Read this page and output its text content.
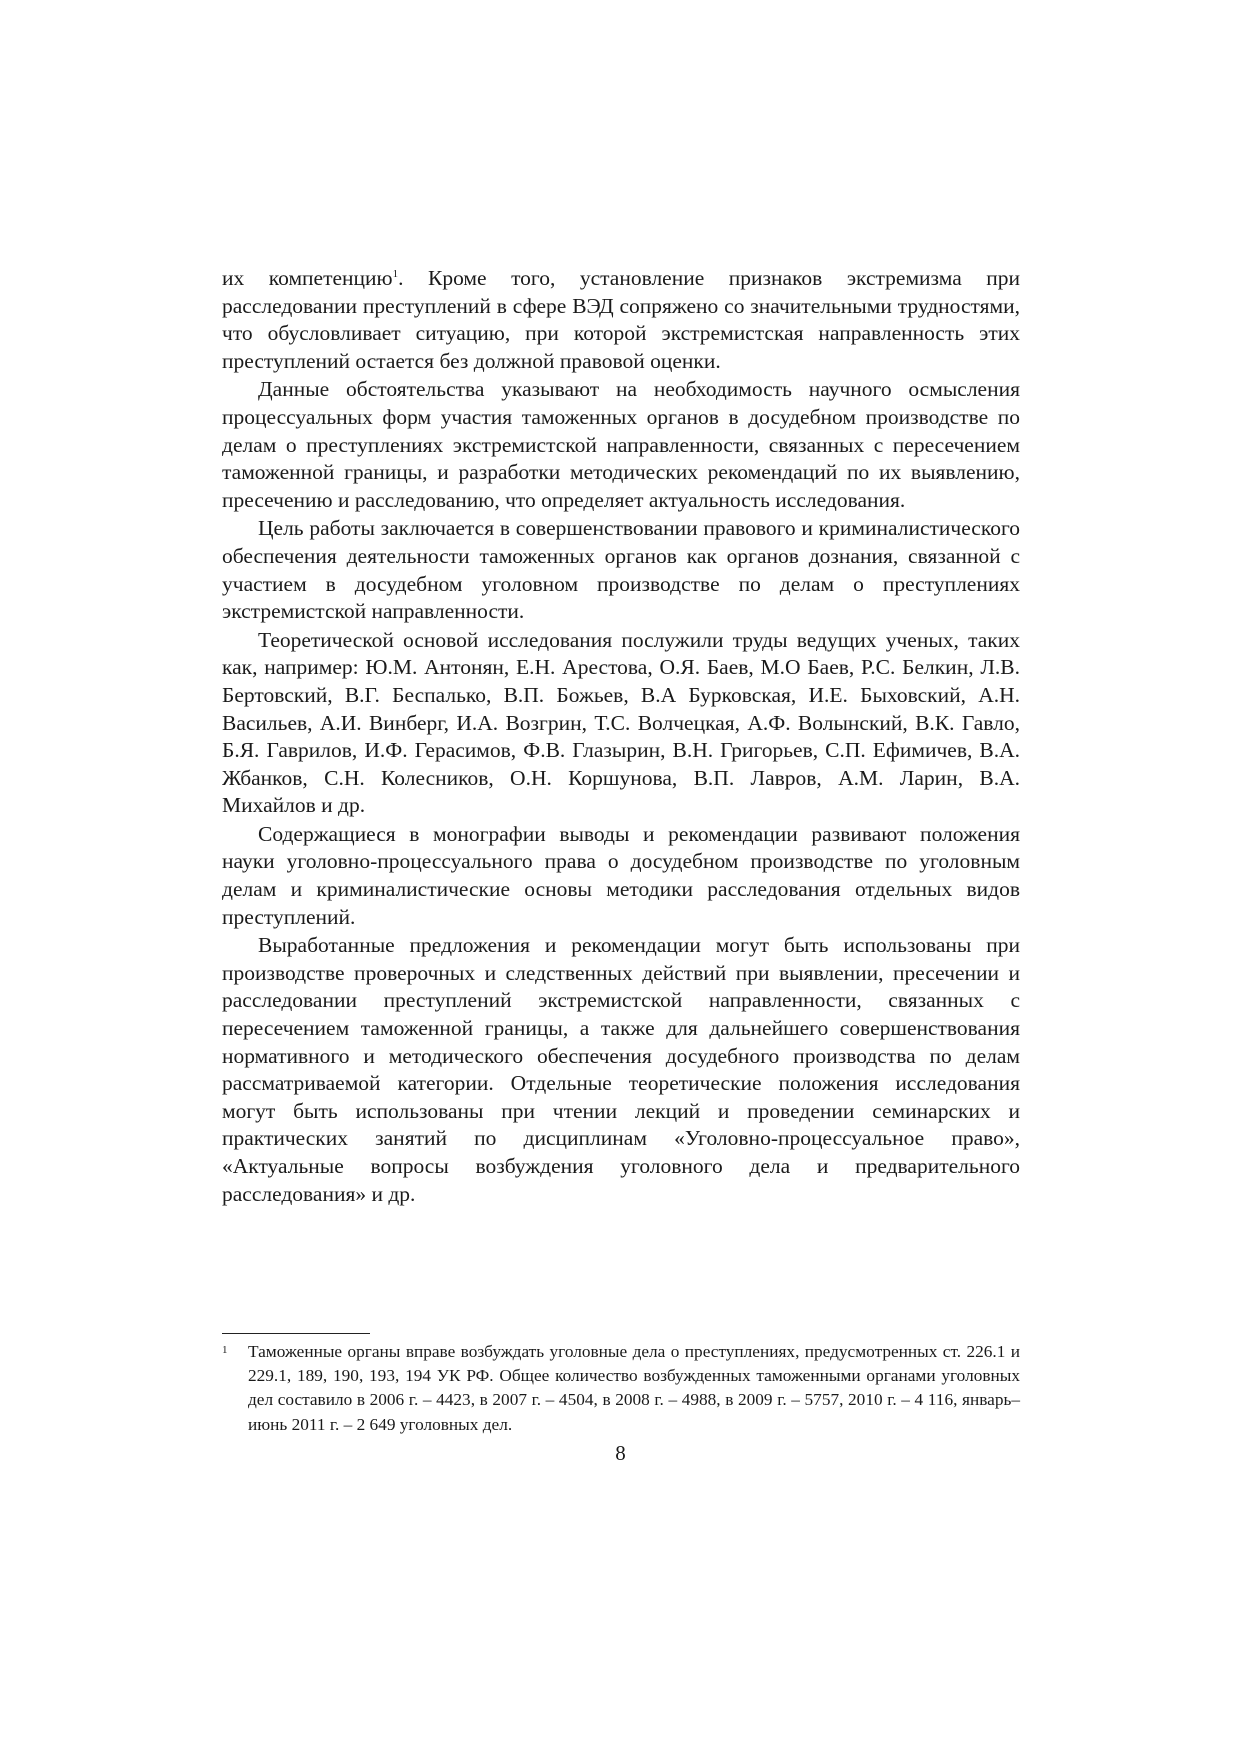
их компетенцию$^1$. Кроме того, установление признаков экстремизма при расследовании преступлений в сфере ВЭД сопряжено со значительными трудностями, что обусловливает ситуацию, при которой экстремистская направленность этих преступлений остается без должной правовой оценки.

Данные обстоятельства указывают на необходимость научного осмысления процессуальных форм участия таможенных органов в досудебном производстве по делам о преступлениях экстремистской направленности, связанных с пересечением таможенной границы, и разработки методических рекомендаций по их выявлению, пресечению и расследованию, что определяет актуальность исследования.

Цель работы заключается в совершенствовании правового и криминалистического обеспечения деятельности таможенных органов как органов дознания, связанной с участием в досудебном уголовном производстве по делам о преступлениях экстремистской направленности.

Теоретической основой исследования послужили труды ведущих ученых, таких как, например: Ю.М. Антонян, Е.Н. Арестова, О.Я. Баев, М.О Баев, Р.С. Белкин, Л.В. Бертовский, В.Г. Беспалько, В.П. Божьев, В.А Бурковская, И.Е. Быховский, А.Н. Васильев, А.И. Винберг, И.А. Возгрин, Т.С. Волчецкая, А.Ф. Волынский, В.К. Гавло, Б.Я. Гаврилов, И.Ф. Герасимов, Ф.В. Глазырин, В.Н. Григорьев, С.П. Ефимичев, В.А. Жбанков, С.Н. Колесников, О.Н. Коршунова, В.П. Лавров, А.М. Ларин, В.А. Михайлов и др.

Содержащиеся в монографии выводы и рекомендации развивают положения науки уголовно-процессуального права о досудебном производстве по уголовным делам и криминалистические основы методики расследования отдельных видов преступлений.

Выработанные предложения и рекомендации могут быть использованы при производстве проверочных и следственных действий при выявлении, пресечении и расследовании преступлений экстремистской направленности, связанных с пересечением таможенной границы, а также для дальнейшего совершенствования нормативного и методического обеспечения досудебного производства по делам рассматриваемой категории. Отдельные теоретические положения исследования могут быть использованы при чтении лекций и проведении семинарских и практических занятий по дисциплинам «Уголовно-процессуальное право», «Актуальные вопросы возбуждения уголовного дела и предварительного расследования» и др.

1 Таможенные органы вправе возбуждать уголовные дела о преступлениях, предусмотренных ст. 226.1 и 229.1, 189, 190, 193, 194 УК РФ. Общее количество возбужденных таможенными органами уголовных дел составило в 2006 г. – 4423, в 2007 г. – 4504, в 2008 г. – 4988, в 2009 г. – 5757, 2010 г. – 4 116, январь–июнь 2011 г. – 2 649 уголовных дел.

8
